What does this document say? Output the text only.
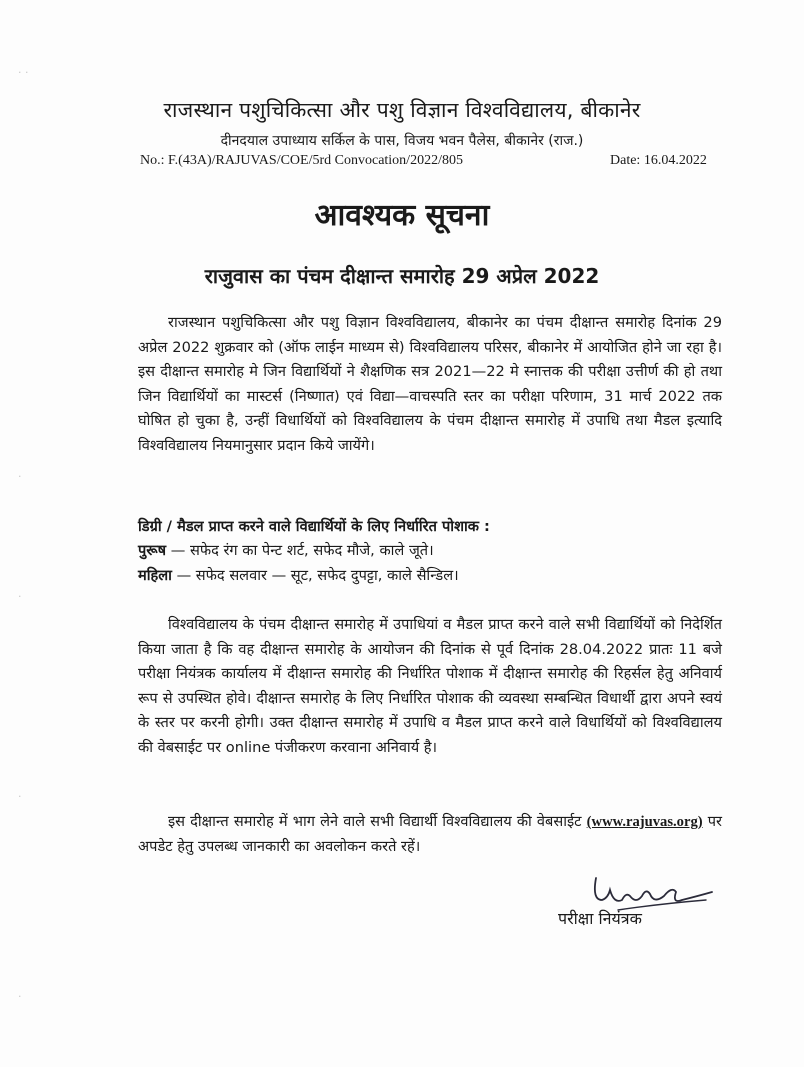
राजस्थान पशुचिकित्सा और पशु विज्ञान विश्वविद्यालय, बीकानेर
दीनदयाल उपाध्याय सर्किल के पास, विजय भवन पैलेस, बीकानेर (राज.)
No.: F.(43A)/RAJUVAS/COE/5rd Convocation/2022/805	Date: 16.04.2022
आवश्यक सूचना
राजुवास का पंचम दीक्षान्त समारोह 29 अप्रेल 2022
राजस्थान पशुचिकित्सा और पशु विज्ञान विश्वविद्यालय, बीकानेर का पंचम दीक्षान्त समारोह दिनांक 29 अप्रेल 2022 शुक्रवार को (ऑफ लाईन माध्यम से) विश्वविद्यालय परिसर, बीकानेर में आयोजित होने जा रहा है। इस दीक्षान्त समारोह मे जिन विद्यार्थियों ने शैक्षणिक सत्र 2021—22 मे स्नात्तक की परीक्षा उत्तीर्ण की हो तथा जिन विद्यार्थियों का मास्टर्स (निष्णात) एवं विद्या—वाचस्पति स्तर का परीक्षा परिणाम, 31 मार्च 2022 तक घोषित हो चुका है, उन्हीं विधार्थियों को विश्वविद्यालय के पंचम दीक्षान्त समारोह में उपाधि तथा मैडल इत्यादि विश्वविद्यालय नियमानुसार प्रदान किये जायेंगे।
डिग्री / मैडल प्राप्त करने वाले विद्यार्थियों के लिए निर्धारित पोशाक :
पुरूष — सफेद रंग का पेन्ट शर्ट, सफेद मौजे, काले जूते।
महिला — सफेद सलवार — सूट, सफेद दुपट्टा, काले सैन्डिल।
विश्वविद्यालय के पंचम दीक्षान्त समारोह में उपाधियां व मैडल प्राप्त करने वाले सभी विद्यार्थियों को निदेर्शित किया जाता है कि वह दीक्षान्त समारोह के आयोजन की दिनांक से पूर्व दिनांक 28.04.2022 प्रातः 11 बजे परीक्षा नियंत्रक कार्यालय में दीक्षान्त समारोह की निर्धारित पोशाक में दीक्षान्त समारोह की रिहर्सल हेतु अनिवार्य रूप से उपस्थित होवे। दीक्षान्त समारोह के लिए निर्धारित पोशाक की व्यवस्था सम्बन्धित विधार्थी द्वारा अपने स्वयं के स्तर पर करनी होगी। उक्त दीक्षान्त समारोह में उपाधि व मैडल प्राप्त करने वाले विधार्थियों को विश्वविद्यालय की वेबसाईट पर online पंजीकरण करवाना अनिवार्य है।
इस दीक्षान्त समारोह में भाग लेने वाले सभी विद्यार्थी विश्वविद्यालय की वेबसाईट (www.rajuvas.org) पर अपडेट हेतु उपलब्ध जानकारी का अवलोकन करते रहें।
परीक्षा नियंत्रक
· ·
·
·
·
·
